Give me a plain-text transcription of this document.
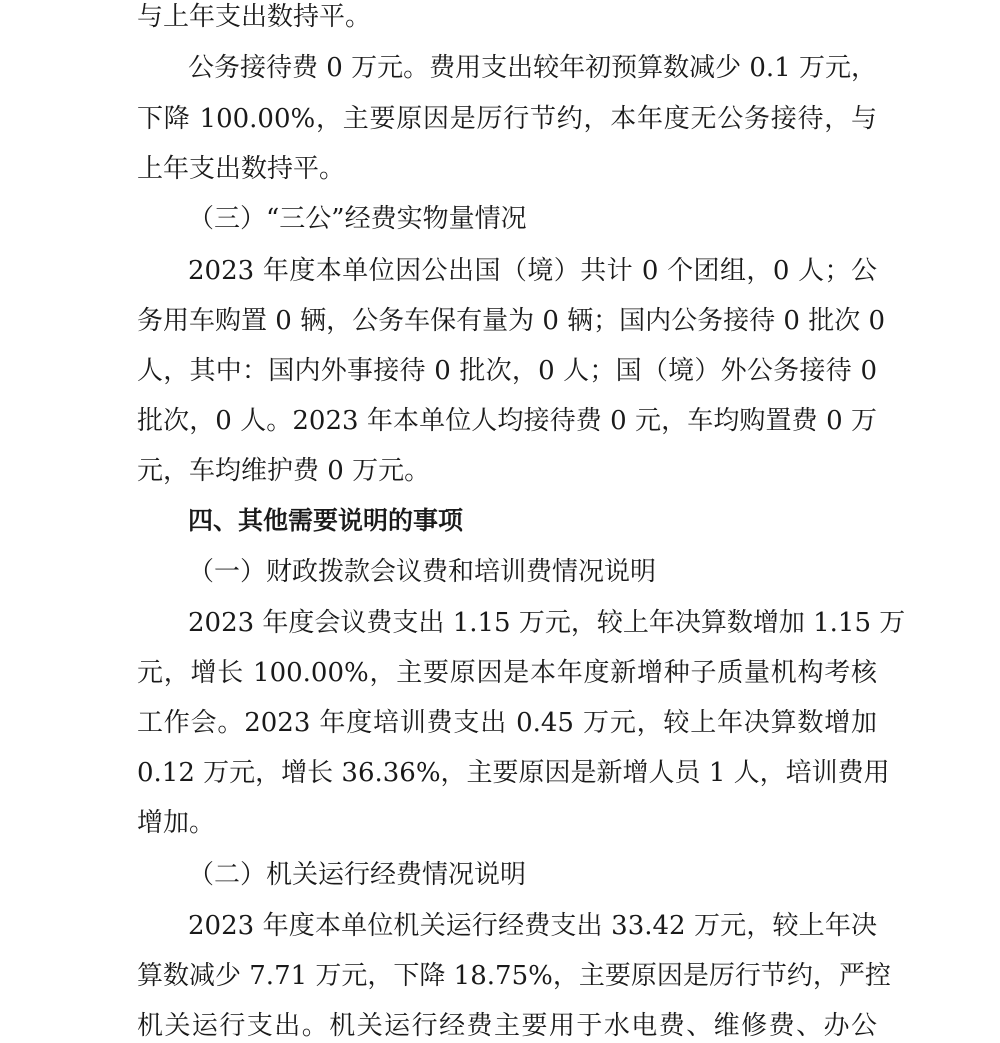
与上年支出数持平。
公务接待费 0 万元。费用支出较年初预算数减少 0.1 万元，
下降 100.00%，主要原因是厉行节约，本年度无公务接待，与
上年支出数持平。
（三）“三公”经费实物量情况
2023 年度本单位因公出国（境）共计 0 个团组，0 人；公
务用车购置 0 辆，公务车保有量为 0 辆；国内公务接待 0 批次 0
人，其中：国内外事接待 0 批次，0 人；国（境）外公务接待 0
批次，0 人。2023 年本单位人均接待费 0 元，车均购置费 0 万
元，车均维护费 0 万元。
四、其他需要说明的事项
（一）财政拨款会议费和培训费情况说明
2023 年度会议费支出 1.15 万元，较上年决算数增加 1.15 万
元，增长 100.00%，主要原因是本年度新增种子质量机构考核
工作会。2023 年度培训费支出 0.45 万元，较上年决算数增加
0.12 万元，增长 36.36%，主要原因是新增人员 1 人，培训费用
增加。
（二）机关运行经费情况说明
2023 年度本单位机关运行经费支出 33.42 万元，较上年决
算数减少 7.71 万元，下降 18.75%，主要原因是厉行节约，严控
机关运行支出。机关运行经费主要用于水电费、维修费、办公
